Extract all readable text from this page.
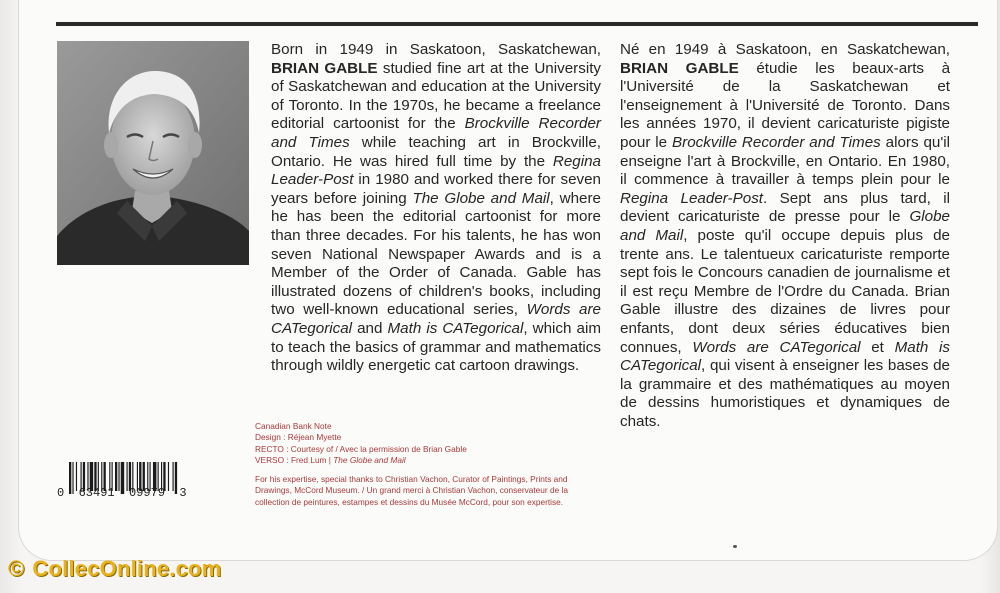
Born in 1949 in Saskatoon, Saskatchewan, BRIAN GABLE studied fine art at the University of Saskatchewan and education at the University of Toronto. In the 1970s, he became a freelance editorial cartoonist for the Brockville Recorder and Times while teaching art in Brockville, Ontario. He was hired full time by the Regina Leader-Post in 1980 and worked there for seven years before joining The Globe and Mail, where he has been the editorial cartoonist for more than three decades. For his talents, he has won seven National Newspaper Awards and is a Member of the Order of Canada. Gable has illustrated dozens of children's books, including two well-known educational series, Words are CATegorical and Math is CATegorical, which aim to teach the basics of grammar and mathematics through wildly energetic cat cartoon drawings.
Né en 1949 à Saskatoon, en Saskatchewan, BRIAN GABLE étudie les beaux-arts à l'Université de la Saskatchewan et l'enseignement à l'Université de Toronto. Dans les années 1970, il devient caricaturiste pigiste pour le Brockville Recorder and Times alors qu'il enseigne l'art à Brockville, en Ontario. En 1980, il commence à travailler à temps plein pour le Regina Leader-Post. Sept ans plus tard, il devient caricaturiste de presse pour le Globe and Mail, poste qu'il occupe depuis plus de trente ans. Le talentueux caricaturiste remporte sept fois le Concours canadien de journalisme et il est reçu Membre de l'Ordre du Canada. Brian Gable illustre des dizaines de livres pour enfants, dont deux séries éducatives bien connues, Words are CATegorical et Math is CATegorical, qui visent à enseigner les bases de la grammaire et des mathématiques au moyen de dessins humoristiques et dynamiques de chats.
Canadian Bank Note
Design : Réjean Myette
RECTO : Courtesy of / Avec la permission de Brian Gable
VERSO : Fred Lum | The Globe and Mail
For his expertise, special thanks to Christian Vachon, Curator of Paintings, Prints and Drawings, McCord Museum. / Un grand merci à Christian Vachon, conservateur de la collection de peintures, estampes et dessins du Musée McCord, pour son expertise.
0  63491  09979  3
© CollecOnline.com
